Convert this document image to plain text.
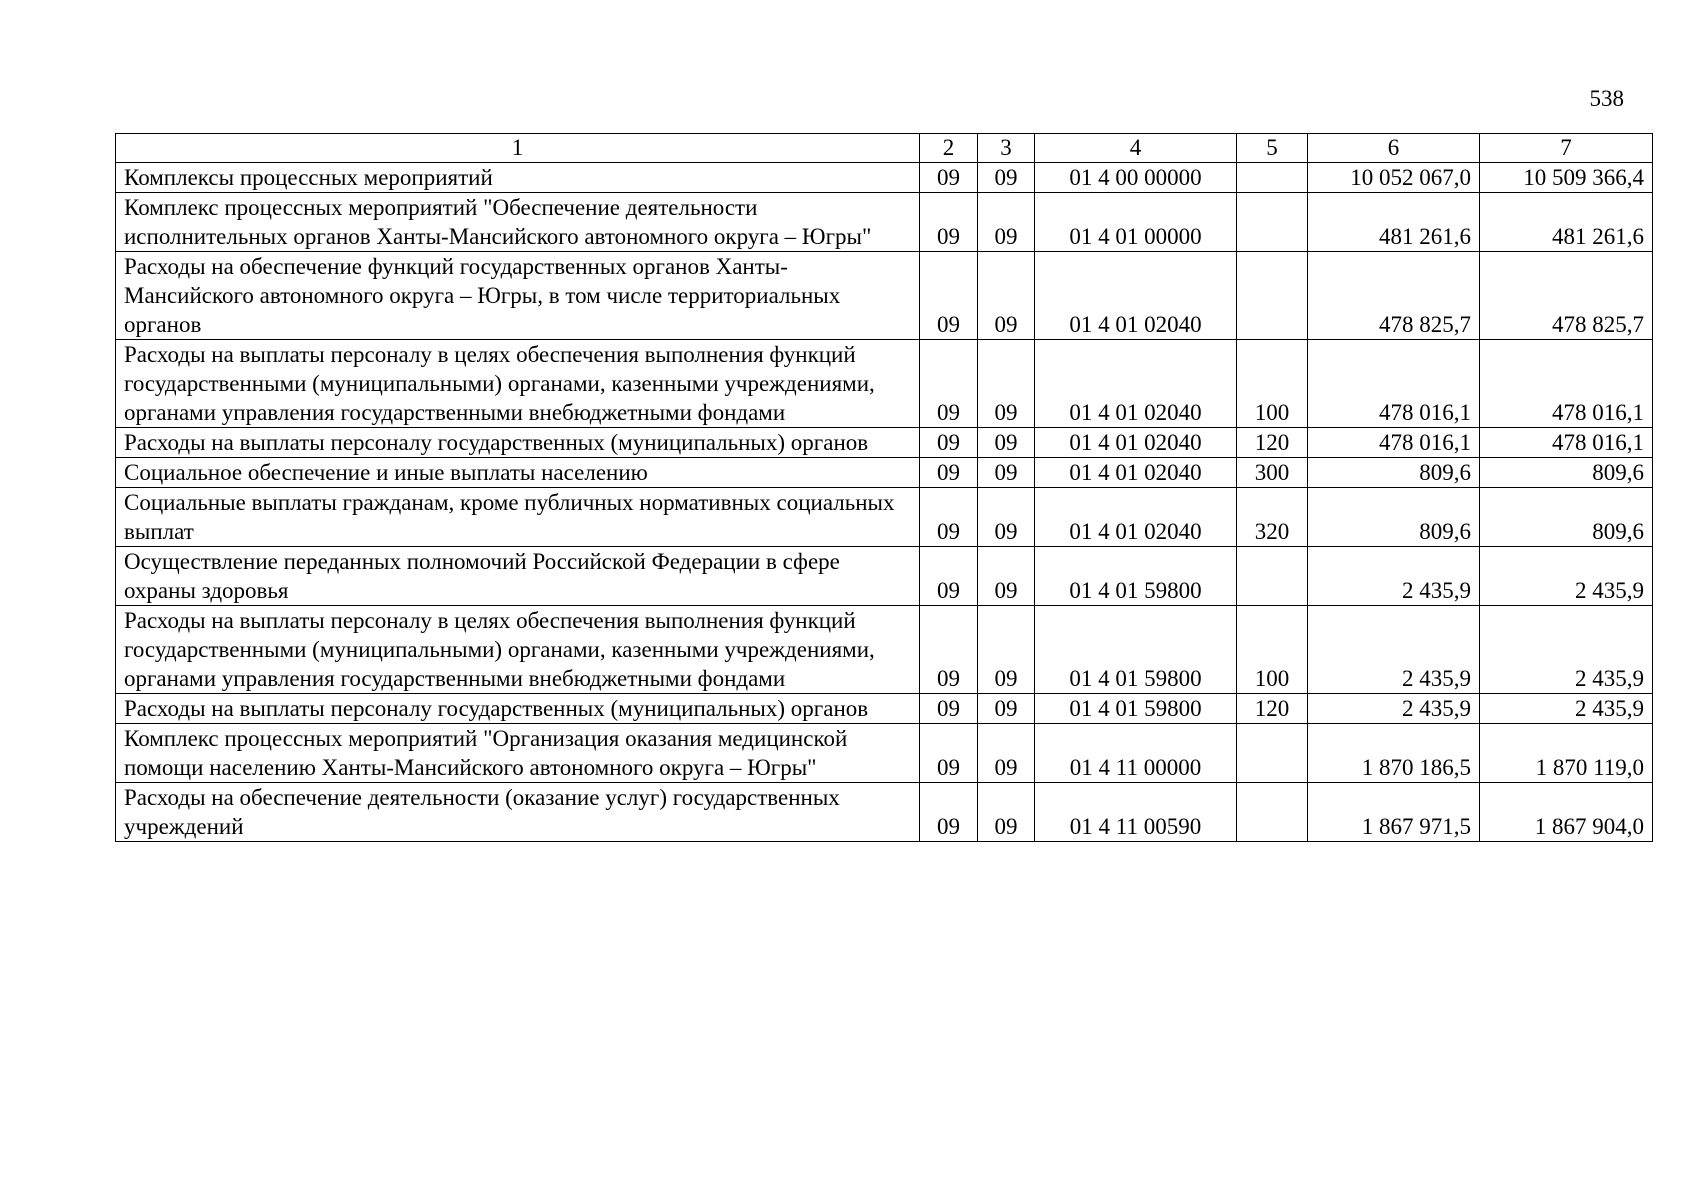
538
1	2	3	4	5	6	7
Комплексы процессных мероприятий	09	09	01 4 00 00000		10 052 067,0	10 509 366,4
Комплекс процессных мероприятий "Обеспечение деятельности исполнительных органов Ханты-Мансийского автономного округа – Югры"	09	09	01 4 01 00000		481 261,6	481 261,6
Расходы на обеспечение функций государственных органов Ханты-Мансийского автономного округа – Югры, в том числе территориальных органов	09	09	01 4 01 02040		478 825,7	478 825,7
Расходы на выплаты персоналу в целях обеспечения выполнения функций государственными (муниципальными) органами, казенными учреждениями, органами управления государственными внебюджетными фондами	09	09	01 4 01 02040	100	478 016,1	478 016,1
Расходы на выплаты персоналу государственных (муниципальных) органов	09	09	01 4 01 02040	120	478 016,1	478 016,1
Социальное обеспечение и иные выплаты населению	09	09	01 4 01 02040	300	809,6	809,6
Социальные выплаты гражданам, кроме публичных нормативных социальных выплат	09	09	01 4 01 02040	320	809,6	809,6
Осуществление переданных полномочий Российской Федерации в сфере охраны здоровья	09	09	01 4 01 59800		2 435,9	2 435,9
Расходы на выплаты персоналу в целях обеспечения выполнения функций государственными (муниципальными) органами, казенными учреждениями, органами управления государственными внебюджетными фондами	09	09	01 4 01 59800	100	2 435,9	2 435,9
Расходы на выплаты персоналу государственных (муниципальных) органов	09	09	01 4 01 59800	120	2 435,9	2 435,9
Комплекс процессных мероприятий "Организация оказания медицинской помощи населению Ханты-Мансийского автономного округа – Югры"	09	09	01 4 11 00000		1 870 186,5	1 870 119,0
Расходы на обеспечение деятельности (оказание услуг) государственных учреждений	09	09	01 4 11 00590		1 867 971,5	1 867 904,0
